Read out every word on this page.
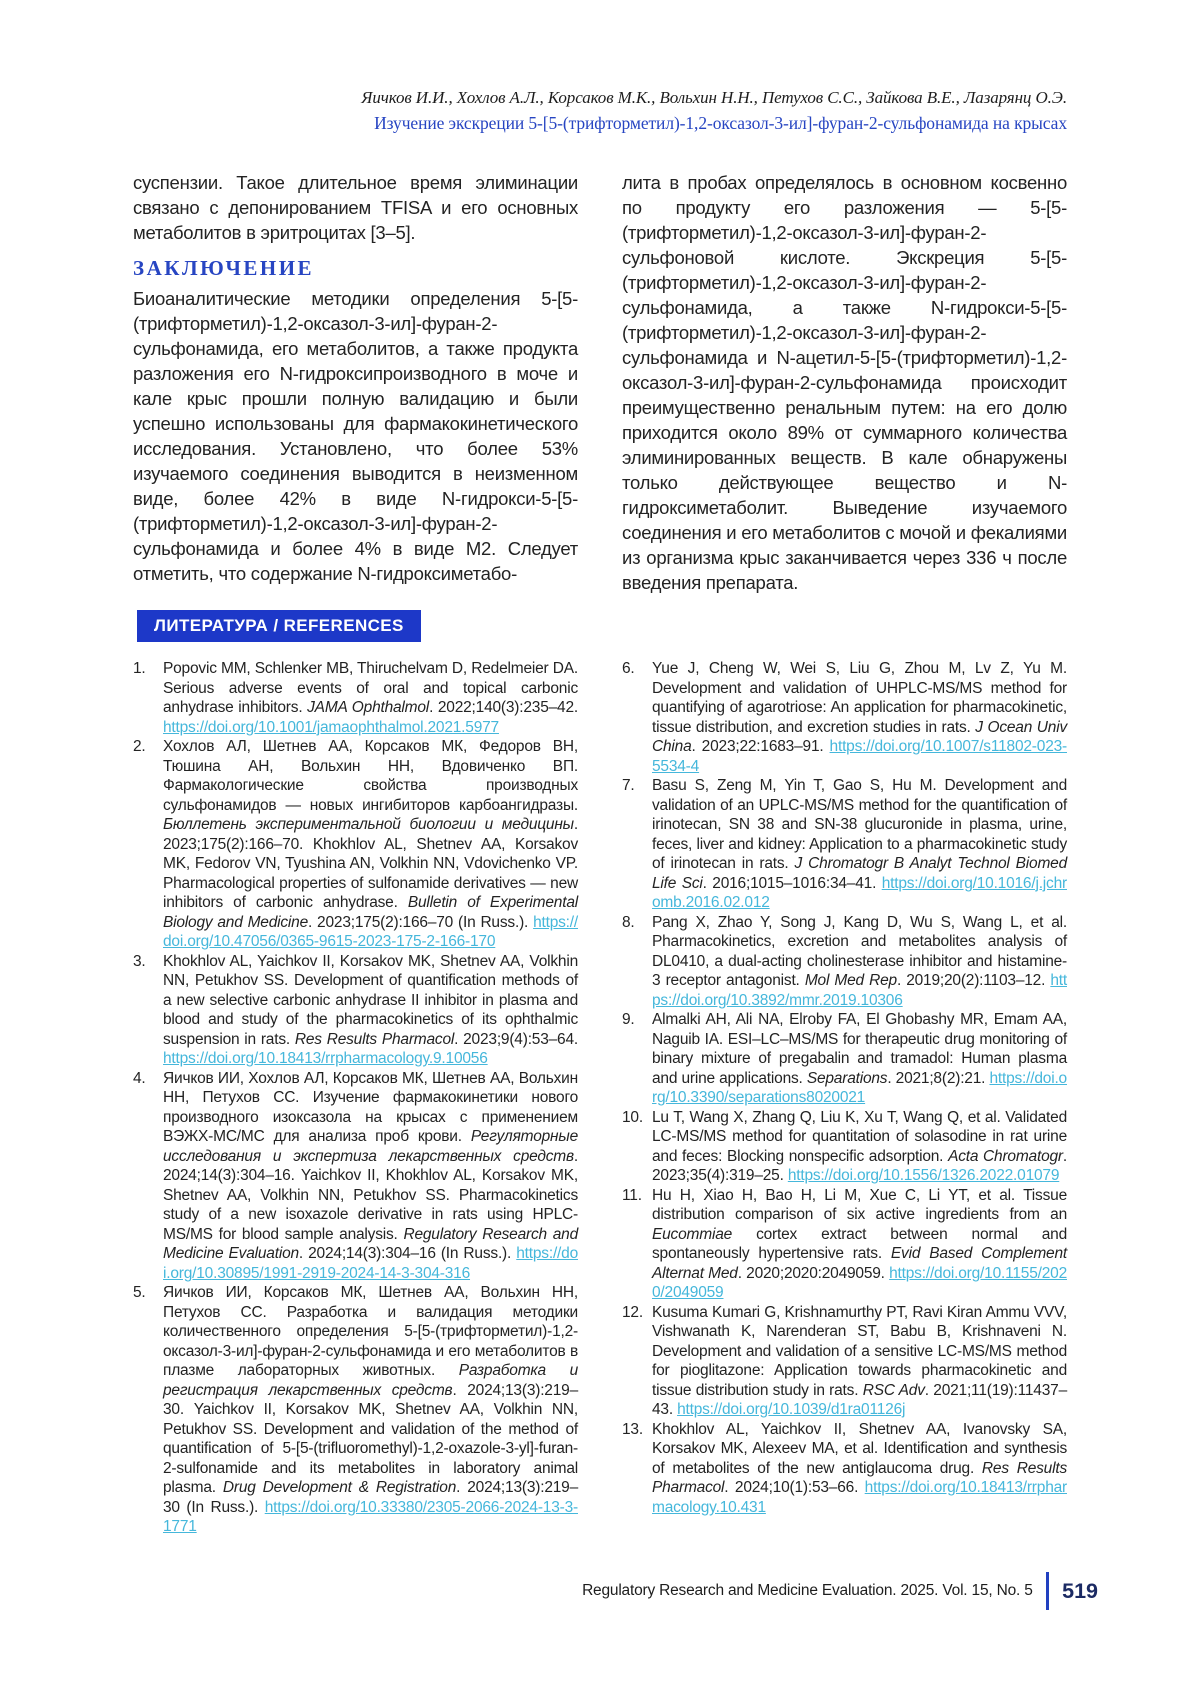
Яичков И.И., Хохлов А.Л., Корсаков М.К., Вольхин Н.Н., Петухов С.С., Зайкова В.Е., Лазарянц О.Э.
Изучение экскреции 5-[5-(трифторметил)-1,2-оксазол-3-ил]-фуран-2-сульфонамида на крысах

суспензии. Такое длительное время элиминации связано с депонированием TFISA и его основных метаболитов в эритроцитах [3–5].

ЗАКЛЮЧЕНИЕ

Биоаналитические методики определения 5-[5-(трифторметил)-1,2-оксазол-3-ил]-фуран-2-сульфонамида, его метаболитов, а также продукта разложения его N-гидроксипроизводного в моче и кале крыс прошли полную валидацию и были успешно использованы для фармакокинетического исследования. Установлено, что более 53% изучаемого соединения выводится в неизменном виде, более 42% в виде N-гидрокси-5-[5-(трифторметил)-1,2-оксазол-3-ил]-фуран-2-сульфонамида и более 4% в виде М2. Следует отметить, что содержание N-гидроксиметабо-

лита в пробах определялось в основном косвенно по продукту его разложения — 5-[5-(трифторметил)-1,2-оксазол-3-ил]-фуран-2-сульфоновой кислоте. Экскреция 5-[5-(трифторметил)-1,2-оксазол-3-ил]-фуран-2-сульфонамида, а также N-гидрокси-5-[5-(трифторметил)-1,2-оксазол-3-ил]-фуран-2-сульфонамида и N-ацетил-5-[5-(трифторметил)-1,2-оксазол-3-ил]-фуран-2-сульфонамида происходит преимущественно ренальным путем: на его долю приходится около 89% от суммарного количества элиминированных веществ. В кале обнаружены только действующее вещество и N-гидроксиметаболит. Выведение изучаемого соединения и его метаболитов с мочой и фекалиями из организма крыс заканчивается через 336 ч после введения препарата.

ЛИТЕРАТУРА / REFERENCES
1.	Popovic MM, Schlenker MB, Thiruchelvam D, Redelmeier DA. Serious adverse events of oral and topical carbonic anhydrase inhibitors. JAMA Ophthalmol. 2022;140(3):235–42. https://doi.org/10.1001/jamaophthalmol.2021.5977
2.	Хохлов АЛ, Шетнев АА, Корсаков МК, Федоров ВН, Тюшина АН, Вольхин НН, Вдовиченко ВП. Фармакологические свойства производных сульфонамидов — новых ингибиторов карбоангидразы. Бюллетень экспериментальной биологии и медицины. 2023;175(2):166–70. Khokhlov AL, Shetnev AA, Korsakov MK, Fedorov VN, Tyushina AN, Volkhin NN, Vdovichenko VP. Pharmacological properties of sulfonamide derivatives — new inhibitors of carbonic anhydrase. Bulletin of Experimental Biology and Medicine. 2023;175(2):166–70 (In Russ.). https://doi.org/10.47056/0365-9615-2023-175-2-166-170
3.	Khokhlov AL, Yaichkov II, Korsakov MK, Shetnev AA, Volkhin NN, Petukhov SS. Development of quantification methods of a new selective carbonic anhydrase II inhibitor in plasma and blood and study of the pharmacokinetics of its ophthalmic suspension in rats. Res Results Pharmacol. 2023;9(4):53–64. https://doi.org/10.18413/rrpharmacology.9.10056
4.	Яичков ИИ, Хохлов АЛ, Корсаков МК, Шетнев АА, Вольхин НН, Петухов СС. Изучение фармакокинетики нового производного изоксазола на крысах с применением ВЭЖХ-МС/МС для анализа проб крови. Регуляторные исследования и экспертиза лекарственных средств. 2024;14(3):304–16. Yaichkov II, Khokhlov AL, Korsakov MK, Shetnev AA, Volkhin NN, Petukhov SS. Pharmacokinetics study of a new isoxazole derivative in rats using HPLC-MS/MS for blood sample analysis. Regulatory Research and Medicine Evaluation. 2024;14(3):304–16 (In Russ.). https://doi.org/10.30895/1991-2919-2024-14-3-304-316
5.	Яичков ИИ, Корсаков МК, Шетнев АА, Вольхин НН, Петухов СС. Разработка и валидация методики количественного определения 5-[5-(трифторметил)-1,2-оксазол-3-ил]-фуран-2-сульфонамида и его метаболитов в плазме лабораторных животных. Разработка и регистрация лекарственных средств. 2024;13(3):219–30. Yaichkov II, Korsakov MK, Shetnev AA, Volkhin NN, Petukhov SS. Development and validation of the method of quantification of 5-[5-(trifluoromethyl)-1,2-oxazole-3-yl]-furan-2-sulfonamide and its metabolites in laboratory animal plasma. Drug Development & Registration. 2024;13(3):219–30 (In Russ.). https://doi.org/10.33380/2305-2066-2024-13-3-1771
6.	Yue J, Cheng W, Wei S, Liu G, Zhou M, Lv Z, Yu M. Development and validation of UHPLC-MS/MS method for quantifying of agarotriose: An application for pharmacokinetic, tissue distribution, and excretion studies in rats. J Ocean Univ China. 2023;22:1683–91. https://doi.org/10.1007/s11802-023-5534-4
7.	Basu S, Zeng M, Yin T, Gao S, Hu M. Development and validation of an UPLC-MS/MS method for the quantification of irinotecan, SN 38 and SN-38 glucuronide in plasma, urine, feces, liver and kidney: Application to a pharmacokinetic study of irinotecan in rats. J Chromatogr B Analyt Technol Biomed Life Sci. 2016;1015–1016:34–41. https://doi.org/10.1016/j.jchromb.2016.02.012
8.	Pang X, Zhao Y, Song J, Kang D, Wu S, Wang L, et al. Pharmacokinetics, excretion and metabolites analysis of DL0410, a dual-acting cholinesterase inhibitor and histamine-3 receptor antagonist. Mol Med Rep. 2019;20(2):1103–12. https://doi.org/10.3892/mmr.2019.10306
9.	Almalki AH, Ali NA, Elroby FA, El Ghobashy MR, Emam AA, Naguib IA. ESI–LC–MS/MS for therapeutic drug monitoring of binary mixture of pregabalin and tramadol: Human plasma and urine applications. Separations. 2021;8(2):21. https://doi.org/10.3390/separations8020021
10. Lu T, Wang X, Zhang Q, Liu K, Xu T, Wang Q, et al. Validated LC-MS/MS method for quantitation of solasodine in rat urine and feces: Blocking nonspecific adsorption. Acta Chromatogr. 2023;35(4):319–25. https://doi.org/10.1556/1326.2022.01079
11. Hu H, Xiao H, Bao H, Li M, Xue C, Li YT, et al. Tissue distribution comparison of six active ingredients from an Eucommiae cortex extract between normal and spontaneously hypertensive rats. Evid Based Complement Alternat Med. 2020;2020:2049059. https://doi.org/10.1155/2020/2049059
12. Kusuma Kumari G, Krishnamurthy PT, Ravi Kiran Ammu VVV, Vishwanath K, Narenderan ST, Babu B, Krishnaveni N. Development and validation of a sensitive LC-MS/MS method for pioglitazone: Application towards pharmacokinetic and tissue distribution study in rats. RSC Adv. 2021;11(19):11437–43. https://doi.org/10.1039/d1ra01126j
13. Khokhlov AL, Yaichkov II, Shetnev AA, Ivanovsky SA, Korsakov MK, Alexeev MA, et al. Identification and synthesis of metabolites of the new antiglaucoma drug. Res Results Pharmacol. 2024;10(1):53–66. https://doi.org/10.18413/rrpharmacology.10.431
Regulatory Research and Medicine Evaluation. 2025. Vol. 15, No. 5 519
